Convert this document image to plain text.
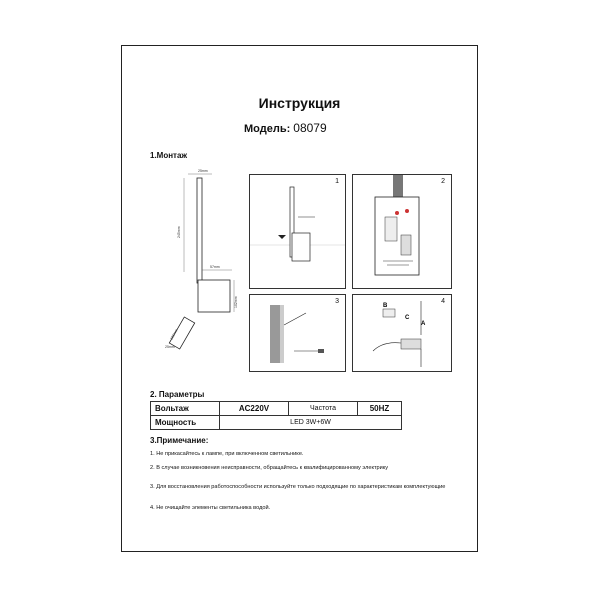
Инструкция
Модель: 08079
1.Монтаж
25mm
245mm
57mm
102mm
105mm
25mm
1	2
3	4
B
C
A
2. Параметры
Вольтаж	AC220V	Частота	50HZ
Мощность	LED 3W+6W		
3.Примечание:
1. Не прикасайтесь к лампе, при включенном светильнике.
2. В случае возникновения неисправности, обращайтесь к квалифицированному электрику
3. Для восстановления работоспособности используйте только подходящие по характеристикам комплектующие
4. Не очищайте элементы светильника водой.
